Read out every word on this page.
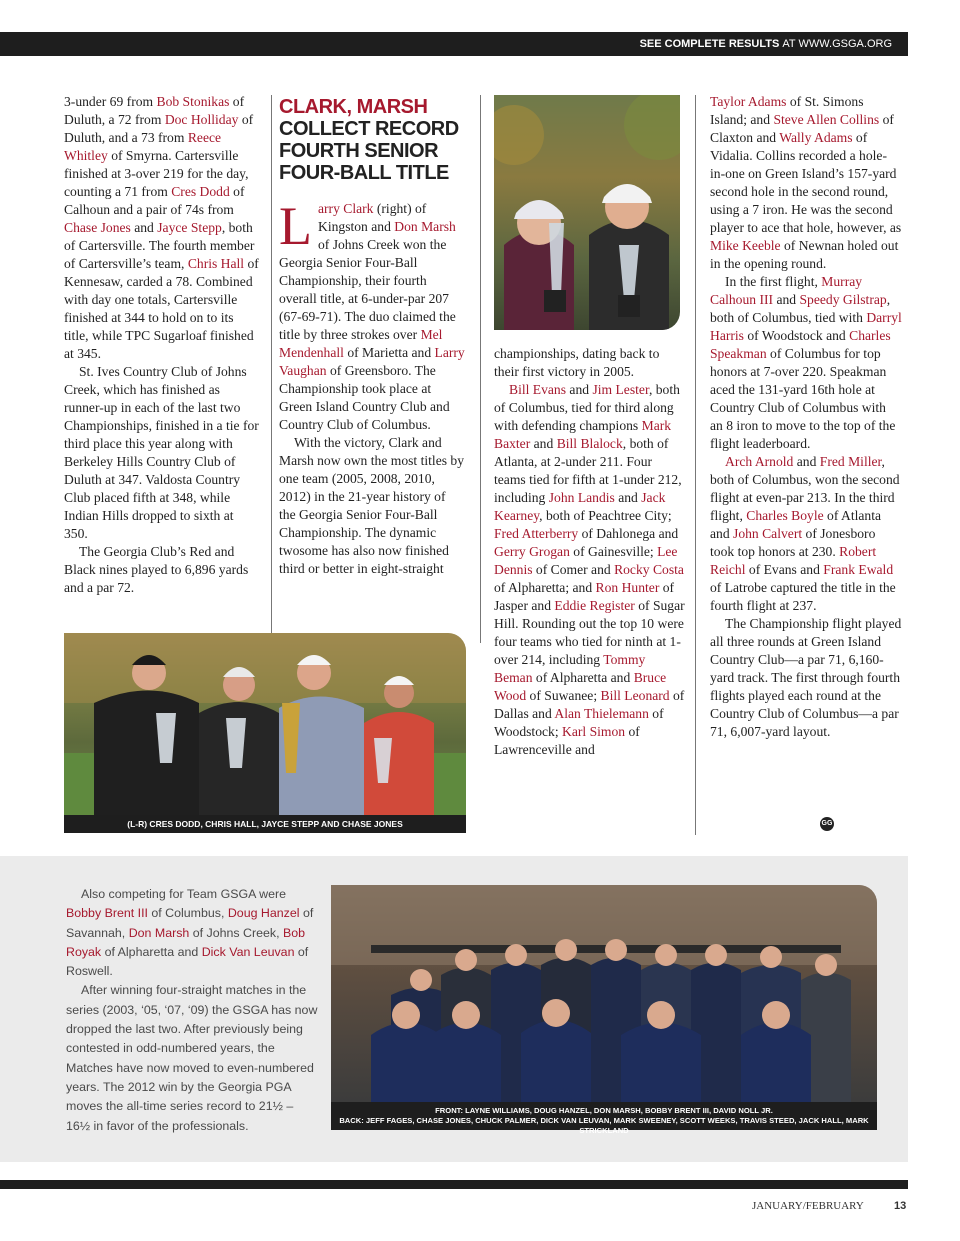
SEE COMPLETE RESULTS AT WWW.GSGA.ORG

3-under 69 from Bob Stonikas of Duluth, a 72 from Doc Holliday of Duluth, and a 73 from Reece Whitley of Smyrna. Cartersville finished at 3-over 219 for the day, counting a 71 from Cres Dodd of Calhoun and a pair of 74s from Chase Jones and Jayce Stepp, both of Cartersville. The fourth member of Cartersville’s team, Chris Hall of Kennesaw, carded a 78. Combined with day one totals, Cartersville finished at 344 to hold on to its title, while TPC Sugarloaf finished at 345.

St. Ives Country Club of Johns Creek, which has finished as runner-up in each of the last two Championships, finished in a tie for third place this year along with Berkeley Hills Country Club of Duluth at 347. Valdosta Country Club placed fifth at 348, while Indian Hills dropped to sixth at 350.

The Georgia Club’s Red and Black nines played to 6,896 yards and a par 72.

CLARK, MARSH
COLLECT RECORD
FOURTH SENIOR
FOUR-BALL TITLE
L arry Clark (right) of Kingston and Don Marsh of Johns Creek won the Georgia Senior Four-Ball Championship, their fourth overall title, at 6-under-par 207 (67-69-71). The duo claimed the title by three strokes over Mel Mendenhall of Marietta and Larry Vaughan of Greensboro. The Championship took place at Green Island Country Club and Country Club of Columbus.

With the victory, Clark and Marsh now own the most titles by one team (2005, 2008, 2010, 2012) in the 21-year history of the Georgia Senior Four-Ball Championship. The dynamic twosome has also now finished third or better in eight-straight

championships, dating back to their first victory in 2005.

Bill Evans and Jim Lester, both of Columbus, tied for third along with defending champions Mark Baxter and Bill Blalock, both of Atlanta, at 2-under 211. Four teams tied for fifth at 1-under 212, including John Landis and Jack Kearney, both of Peachtree City; Fred Atterberry of Dahlonega and Gerry Grogan of Gainesville; Lee Dennis of Comer and Rocky Costa of Alpharetta; and Ron Hunter of Jasper and Eddie Register of Sugar Hill. Rounding out the top 10 were four teams who tied for ninth at 1-over 214, including Tommy Beman of Alpharetta and Bruce Wood of Suwanee; Bill Leonard of Dallas and Alan Thielemann of Woodstock; Karl Simon of Lawrenceville and

Taylor Adams of St. Simons Island; and Steve Allen Collins of Claxton and Wally Adams of Vidalia. Collins recorded a hole-in-one on Green Island’s 157-yard second hole in the second round, using a 7 iron. He was the second player to ace that hole, however, as Mike Keeble of Newnan holed out in the opening round.

In the first flight, Murray Calhoun III and Speedy Gilstrap, both of Columbus, tied with Darryl Harris of Woodstock and Charles Speakman of Columbus for top honors at 7-over 220. Speakman aced the 131-yard 16th hole at Country Club of Columbus with an 8 iron to move to the top of the flight leaderboard.

Arch Arnold and Fred Miller, both of Columbus, won the second flight at even-par 213. In the third flight, Charles Boyle of Atlanta and John Calvert of Jonesboro took top honors at 230. Robert Reichl of Evans and Frank Ewald of Latrobe captured the title in the fourth flight at 237.

The Championship flight played all three rounds at Green Island Country Club—a par 71, 6,160-yard track. The first through fourth flights played each round at the Country Club of Columbus—a par 71, 6,007-yard layout.

GG
(L-R) CRES DODD, CHRIS HALL, JAYCE STEPP AND CHASE JONES

Also competing for Team GSGA were Bobby Brent III of Columbus, Doug Hanzel of Savannah, Don Marsh of Johns Creek, Bob Royak of Alpharetta and Dick Van Leuvan of Roswell.

After winning four-straight matches in the series (2003, ‘05, ‘07, ‘09) the GSGA has now dropped the last two. After previously being contested in odd-numbered years, the Matches have now moved to even-numbered years. The 2012 win by the Georgia PGA moves the all-time series record to 21½ – 16½ in favor of the professionals.

FRONT: LAYNE WILLIAMS, DOUG HANZEL, DON MARSH, BOBBY BRENT III, DAVID NOLL JR.
BACK: JEFF FAGES, CHASE JONES, CHUCK PALMER, DICK VAN LEUVAN, MARK SWEENEY, SCOTT WEEKS, TRAVIS STEED, JACK HALL, MARK STRICKLAND
JANUARY/FEBRUARY	13
